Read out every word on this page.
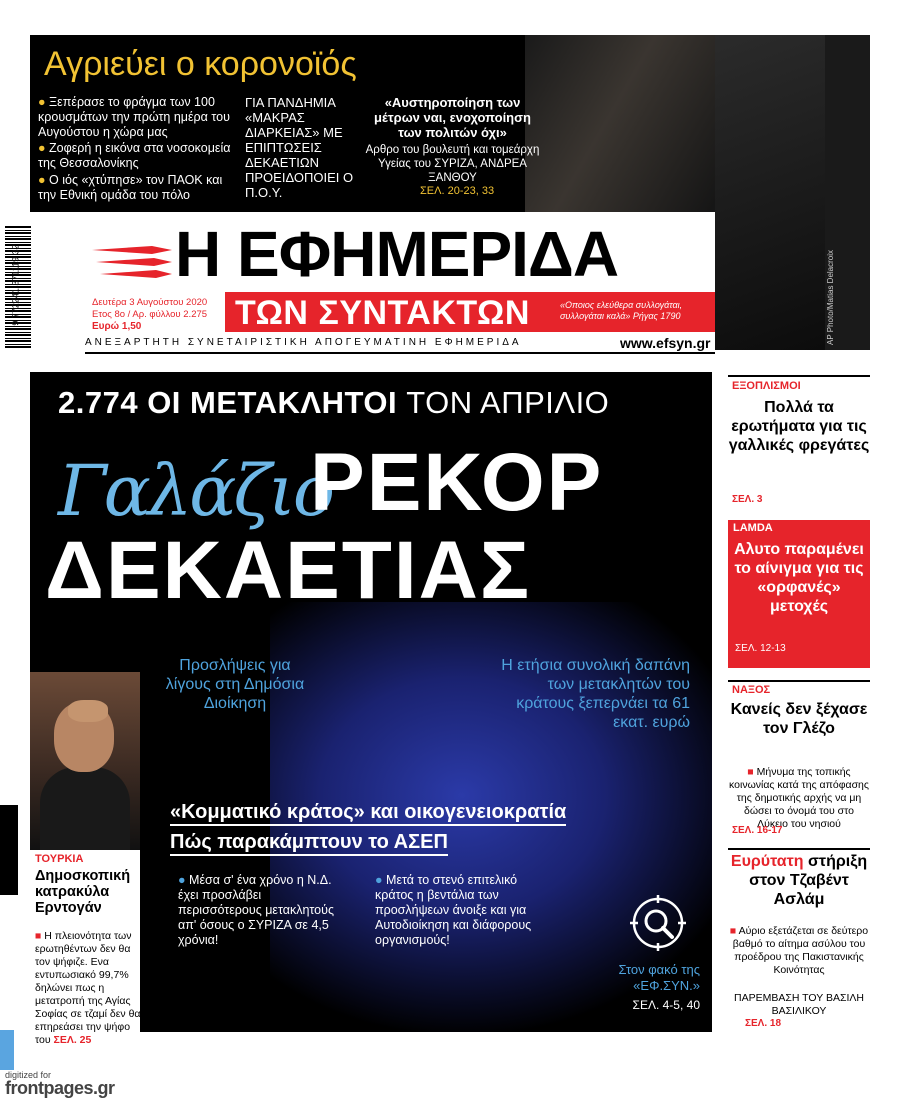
Αγριεύει ο κορονοϊός
● Ξεπέρασε το φράγμα των 100 κρουσμάτων την πρώτη ημέρα του Αυγούστου η χώρα μας
● Ζοφερή η εικόνα στα νοσοκομεία της Θεσσαλονίκης
● Ο ιός «χτύπησε» τον ΠΑΟΚ και την Εθνική ομάδα του πόλο
ΓΙΑ ΠΑΝΔΗΜΙΑ «ΜΑΚΡΑΣ ΔΙΑΡΚΕΙΑΣ» ΜΕ ΕΠΙΠΤΩΣΕΙΣ ΔΕΚΑΕΤΙΩΝ ΠΡΟΕΙΔΟΠΟΙΕΙ Ο Π.Ο.Υ.
«Αυστηροποίηση των μέτρων ναι, ενοχοποίηση των πολιτών όχι»
Αρθρο του βουλευτή και τομεάρχη Υγείας του ΣΥΡΙΖΑ, ΑΝΔΡΕΑ ΞΑΝΘΟΥ
ΣΕΛ. 20-23, 33
AP Photo/Matias Delacroix
9 772241 371119 32 Η ΕΦΗΜΕΡΙΔΑ
ΤΩΝ ΣΥΝΤΑΚΤΩΝ	«Οποιος ελεύθερα συλλογάται, συλλογάται καλά» Ρήγας 1790
Δευτέρα 3 Αυγούστου 2020
Ετος 8ο / Αρ. φύλλου 2.275
Ευρώ 1,50
ΑΝΕΞΑΡΤΗΤΗ ΣΥΝΕΤΑΙΡΙΣΤΙΚΗ ΑΠΟΓΕΥΜΑΤΙΝΗ ΕΦΗΜΕΡΙΔΑ	www.efsyn.gr
2.774 ΟΙ ΜΕΤΑΚΛΗΤΟΙ ΤΟΝ ΑΠΡΙΛΙΟ
Γαλάζιο
ΡΕΚΟΡ
ΔΕΚΑΕΤΙΑΣ
Προσλήψεις για λίγους στη Δημόσια Διοίκηση
Η ετήσια συνολική δαπάνη των μετακλητών του κράτους ξεπερνάει τα 61 εκατ. ευρώ
«Κομματικό κράτος» και οικογενειοκρατία
Πώς παρακάμπτουν το ΑΣΕΠ
● Μέσα σ' ένα χρόνο η Ν.Δ. έχει προσλάβει περισσότερους μετακλητούς απ' όσους ο ΣΥΡΙΖΑ σε 4,5 χρόνια!
● Μετά το στενό επιτελικό κράτος η βεντάλια των προσλήψεων άνοιξε και για Αυτοδιοίκηση και διάφορους οργανισμούς!
Στον φακό της «ΕΦ.ΣΥΝ.»
ΣΕΛ. 4-5, 40
ΤΟΥΡΚΙΑ
Δημοσκοπική κατρακύλα Ερντογάν
■ Η πλειονότητα των ερωτηθέντων δεν θα τον ψήφιζε. Ενα εντυπωσιακό 99,7% δηλώνει πως η μετατροπή της Αγίας Σοφίας σε τζαμί δεν θα επηρεάσει την ψήφο του ΣΕΛ. 25
ΕΞΟΠΛΙΣΜΟΙ
Πολλά τα ερωτήματα για τις γαλλικές φρεγάτες
ΣΕΛ. 3
LAMDA
Αλυτο παραμένει το αίνιγμα για τις «ορφανές» μετοχές
ΣΕΛ. 12-13
ΝΑΞΟΣ
Κανείς δεν ξέχασε τον Γλέζο
■ Μήνυμα της τοπικής κοινωνίας κατά της απόφασης της δημοτικής αρχής να μη δώσει το όνομά του στο Λύκειο του νησιού
ΣΕΛ. 16-17
Ευρύτατη στήριξη στον Τζαβέντ Ασλάμ
■ Αύριο εξετάζεται σε δεύτερο βαθμό το αίτημα ασύλου του προέδρου της Πακιστανικής Κοινότητας
ΠΑΡΕΜΒΑΣΗ ΤΟΥ ΒΑΣΙΛΗ ΒΑΣΙΛΙΚΟΥ
ΣΕΛ. 18
digitized for
frontpages.gr
